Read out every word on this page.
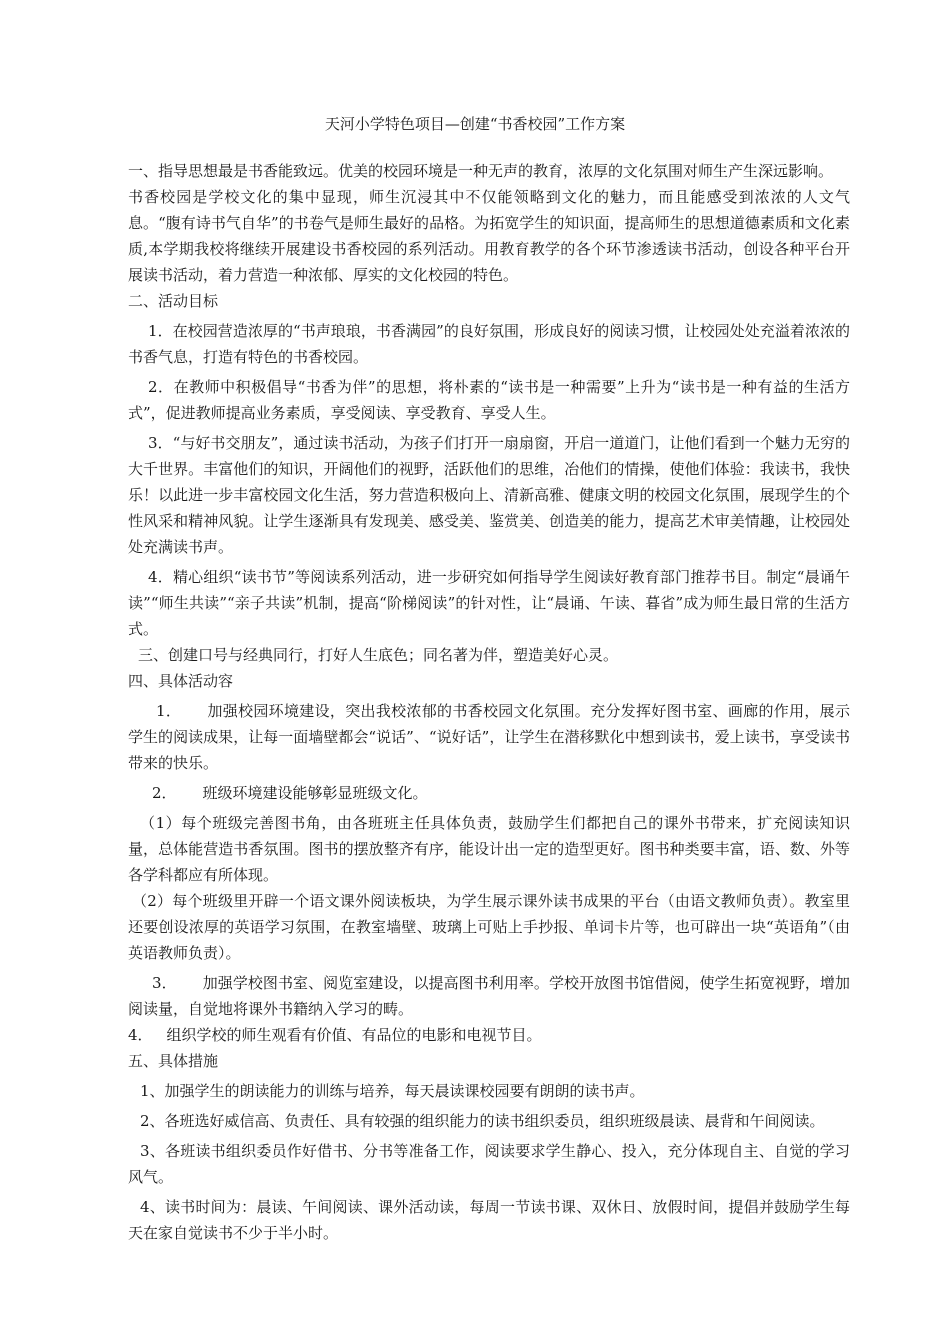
天河小学特色项目—创建“书香校园”工作方案

一、指导思想最是书香能致远。优美的校园环境是一种无声的教育，浓厚的文化氛围对师生产生深远影响。

书香校园是学校文化的集中显现，师生沉浸其中不仅能领略到文化的魅力，而且能感受到浓浓的人文气息。“腹有诗书气自华”的书卷气是师生最好的品格。为拓宽学生的知识面，提高师生的思想道德素质和文化素质,本学期我校将继续开展建设书香校园的系列活动。用教育教学的各个环节渗透读书活动，创设各种平台开展读书活动，着力营造一种浓郁、厚实的文化校园的特色。

二、活动目标

1．在校园营造浓厚的“书声琅琅，书香满园”的良好氛围，形成良好的阅读习惯，让校园处处充溢着浓浓的书香气息，打造有特色的书香校园。

2．在教师中积极倡导“书香为伴”的思想，将朴素的“读书是一种需要”上升为“读书是一种有益的生活方式”，促进教师提高业务素质，享受阅读、享受教育、享受人生。

3．“与好书交朋友”，通过读书活动，为孩子们打开一扇扇窗，开启一道道门，让他们看到一个魅力无穷的大千世界。丰富他们的知识，开阔他们的视野，活跃他们的思维，冶他们的情操，使他们体验：我读书，我快乐！以此进一步丰富校园文化生活，努力营造积极向上、清新高雅、健康文明的校园文化氛围，展现学生的个性风采和精神风貌。让学生逐渐具有发现美、感受美、鉴赏美、创造美的能力，提高艺术审美情趣，让校园处处充满读书声。

4．精心组织“读书节”等阅读系列活动，进一步研究如何指导学生阅读好教育部门推荐书目。制定“晨诵午读”“师生共读”“亲子共读”机制，提高“阶梯阅读”的针对性，让“晨诵、午读、暮省”成为师生最日常的生活方式。

三、创建口号与经典同行，打好人生底色；同名著为伴，塑造美好心灵。

四、具体活动容

1． 加强校园环境建设，突出我校浓郁的书香校园文化氛围。充分发挥好图书室、画廊的作用，展示学生的阅读成果，让每一面墙壁都会“说话”、“说好话”，让学生在潜移默化中想到读书，爱上读书，享受读书带来的快乐。

2． 班级环境建设能够彰显班级文化。

（1）每个班级完善图书角，由各班班主任具体负责，鼓励学生们都把自己的课外书带来，扩充阅读知识量，总体能营造书香氛围。图书的摆放整齐有序，能设计出一定的造型更好。图书种类要丰富，语、数、外等各学科都应有所体现。

（2）每个班级里开辟一个语文课外阅读板块，为学生展示课外读书成果的平台（由语文教师负责）。教室里还要创设浓厚的英语学习氛围，在教室墙壁、玻璃上可贴上手抄报、单词卡片等，也可辟出一块“英语角”（由英语教师负责）。

3． 加强学校图书室、阅览室建设，以提高图书利用率。学校开放图书馆借阅，使学生拓宽视野，增加阅读量，自觉地将课外书籍纳入学习的畴。

4． 组织学校的师生观看有价值、有品位的电影和电视节目。

五、具体措施

1、加强学生的朗读能力的训练与培养，每天晨读课校园要有朗朗的读书声。

2、各班选好威信高、负责任、具有较强的组织能力的读书组织委员，组织班级晨读、晨背和午间阅读。

3、各班读书组织委员作好借书、分书等准备工作，阅读要求学生静心、投入，充分体现自主、自觉的学习风气。

4、读书时间为：晨读、午间阅读、课外活动读，每周一节读书课、双休日、放假时间，提倡并鼓励学生每天在家自觉读书不少于半小时。
